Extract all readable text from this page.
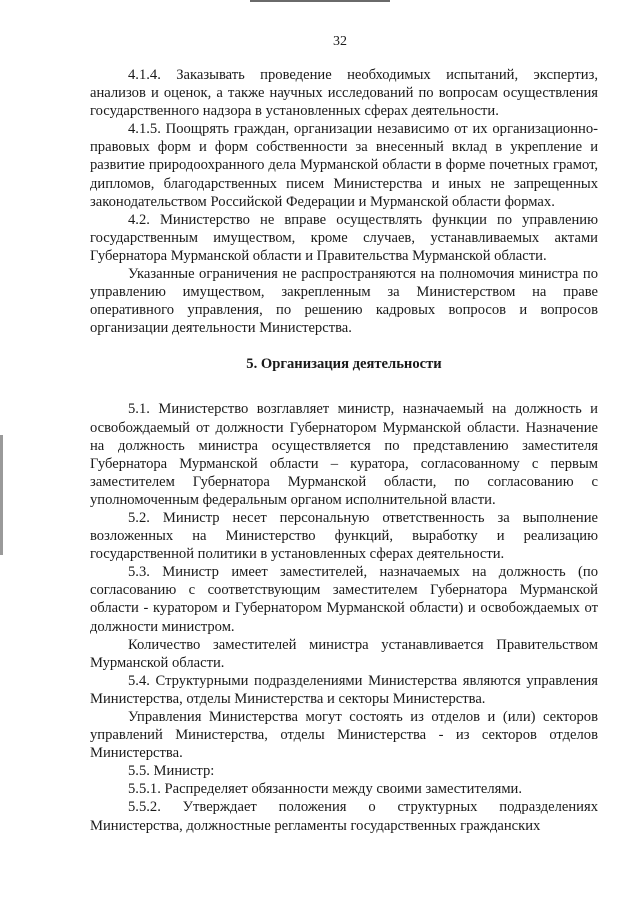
32

4.1.4. Заказывать проведение необходимых испытаний, экспертиз, анализов и оценок, а также научных исследований по вопросам осуществления государственного надзора в установленных сферах деятельности.

4.1.5. Поощрять граждан, организации независимо от их организационно-правовых форм и форм собственности за внесенный вклад в укрепление и развитие природоохранного дела Мурманской области в форме почетных грамот, дипломов, благодарственных писем Министерства и иных не запрещенных законодательством Российской Федерации и Мурманской области формах.

4.2. Министерство не вправе осуществлять функции по управлению государственным имуществом, кроме случаев, устанавливаемых актами Губернатора Мурманской области и Правительства Мурманской области.

Указанные ограничения не распространяются на полномочия министра по управлению имуществом, закрепленным за Министерством на праве оперативного управления, по решению кадровых вопросов и вопросов организации деятельности Министерства.

5. Организация деятельности

5.1. Министерство возглавляет министр, назначаемый на должность и освобождаемый от должности Губернатором Мурманской области. Назначение на должность министра осуществляется по представлению заместителя Губернатора Мурманской области – куратора, согласованному с первым заместителем Губернатора Мурманской области, по согласованию с уполномоченным федеральным органом исполнительной власти.

5.2. Министр несет персональную ответственность за выполнение возложенных на Министерство функций, выработку и реализацию государственной политики в установленных сферах деятельности.

5.3. Министр имеет заместителей, назначаемых на должность (по согласованию с соответствующим заместителем Губернатора Мурманской области - куратором и Губернатором Мурманской области) и освобождаемых от должности министром.

Количество заместителей министра устанавливается Правительством Мурманской области.

5.4. Структурными подразделениями Министерства являются управления Министерства, отделы Министерства и секторы Министерства.

Управления Министерства могут состоять из отделов и (или) секторов управлений Министерства, отделы Министерства - из секторов отделов Министерства.

5.5. Министр:

5.5.1. Распределяет обязанности между своими заместителями.

5.5.2. Утверждает положения о структурных подразделениях Министерства, должностные регламенты государственных гражданских
